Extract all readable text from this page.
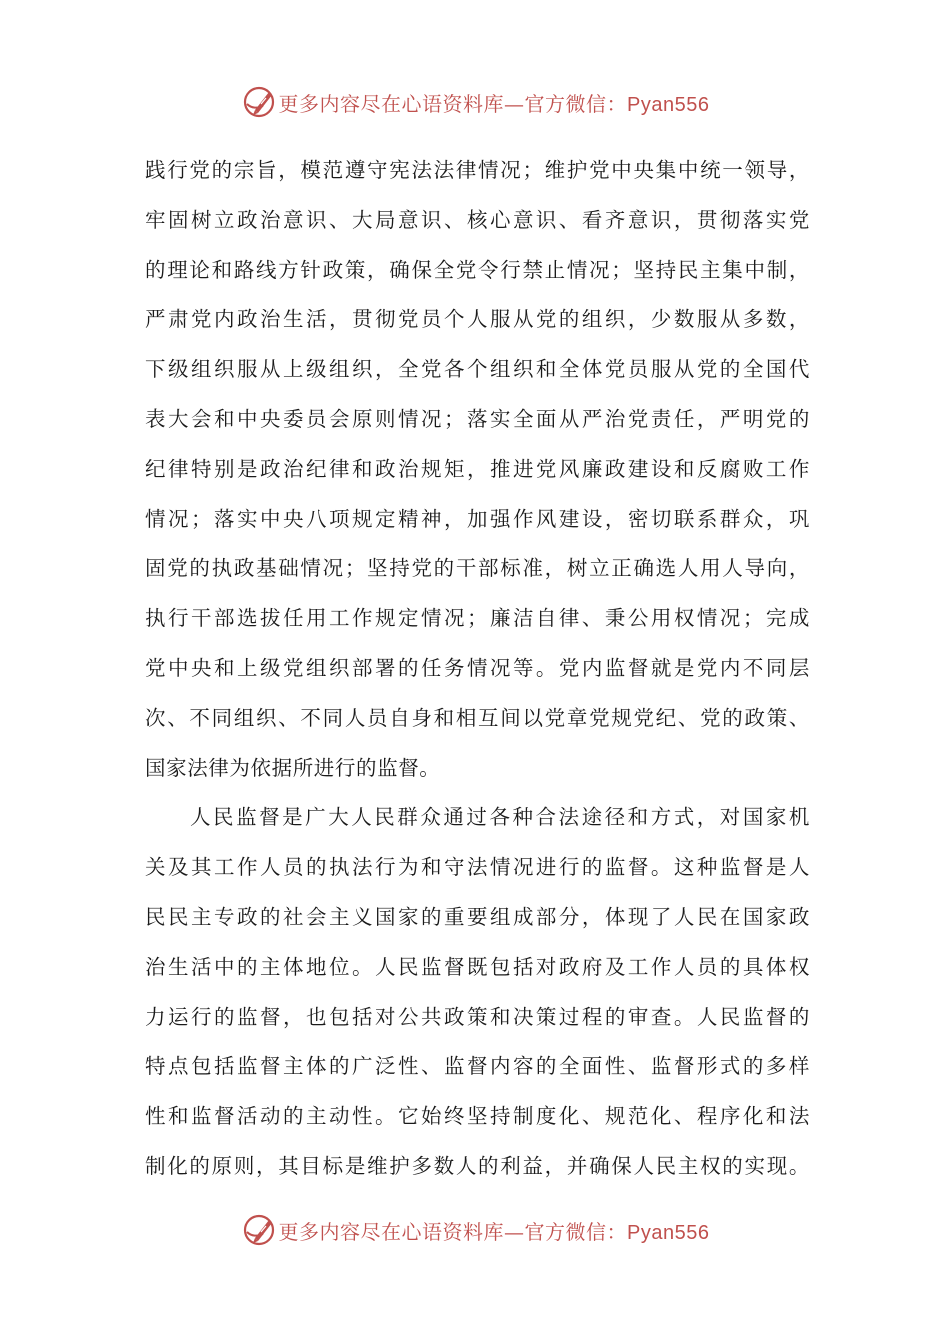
更多内容尽在心语资料库—官方微信：Pyan556
践行党的宗旨，模范遵守宪法法律情况；维护党中央集中统一领导，
牢固树立政治意识、大局意识、核心意识、看齐意识，贯彻落实党
的理论和路线方针政策，确保全党令行禁止情况；坚持民主集中制，
严肃党内政治生活，贯彻党员个人服从党的组织，少数服从多数，
下级组织服从上级组织，全党各个组织和全体党员服从党的全国代
表大会和中央委员会原则情况；落实全面从严治党责任，严明党的
纪律特别是政治纪律和政治规矩，推进党风廉政建设和反腐败工作
情况；落实中央八项规定精神，加强作风建设，密切联系群众，巩
固党的执政基础情况；坚持党的干部标准，树立正确选人用人导向，
执行干部选拔任用工作规定情况；廉洁自律、秉公用权情况；完成
党中央和上级党组织部署的任务情况等。党内监督就是党内不同层
次、不同组织、不同人员自身和相互间以党章党规党纪、党的政策、
国家法律为依据所进行的监督。
人民监督是广大人民群众通过各种合法途径和方式，对国家机
关及其工作人员的执法行为和守法情况进行的监督。这种监督是人
民民主专政的社会主义国家的重要组成部分，体现了人民在国家政
治生活中的主体地位。人民监督既包括对政府及工作人员的具体权
力运行的监督，也包括对公共政策和决策过程的审查。人民监督的
特点包括监督主体的广泛性、监督内容的全面性、监督形式的多样
性和监督活动的主动性。它始终坚持制度化、规范化、程序化和法
制化的原则，其目标是维护多数人的利益，并确保人民主权的实现。
更多内容尽在心语资料库—官方微信：Pyan556
